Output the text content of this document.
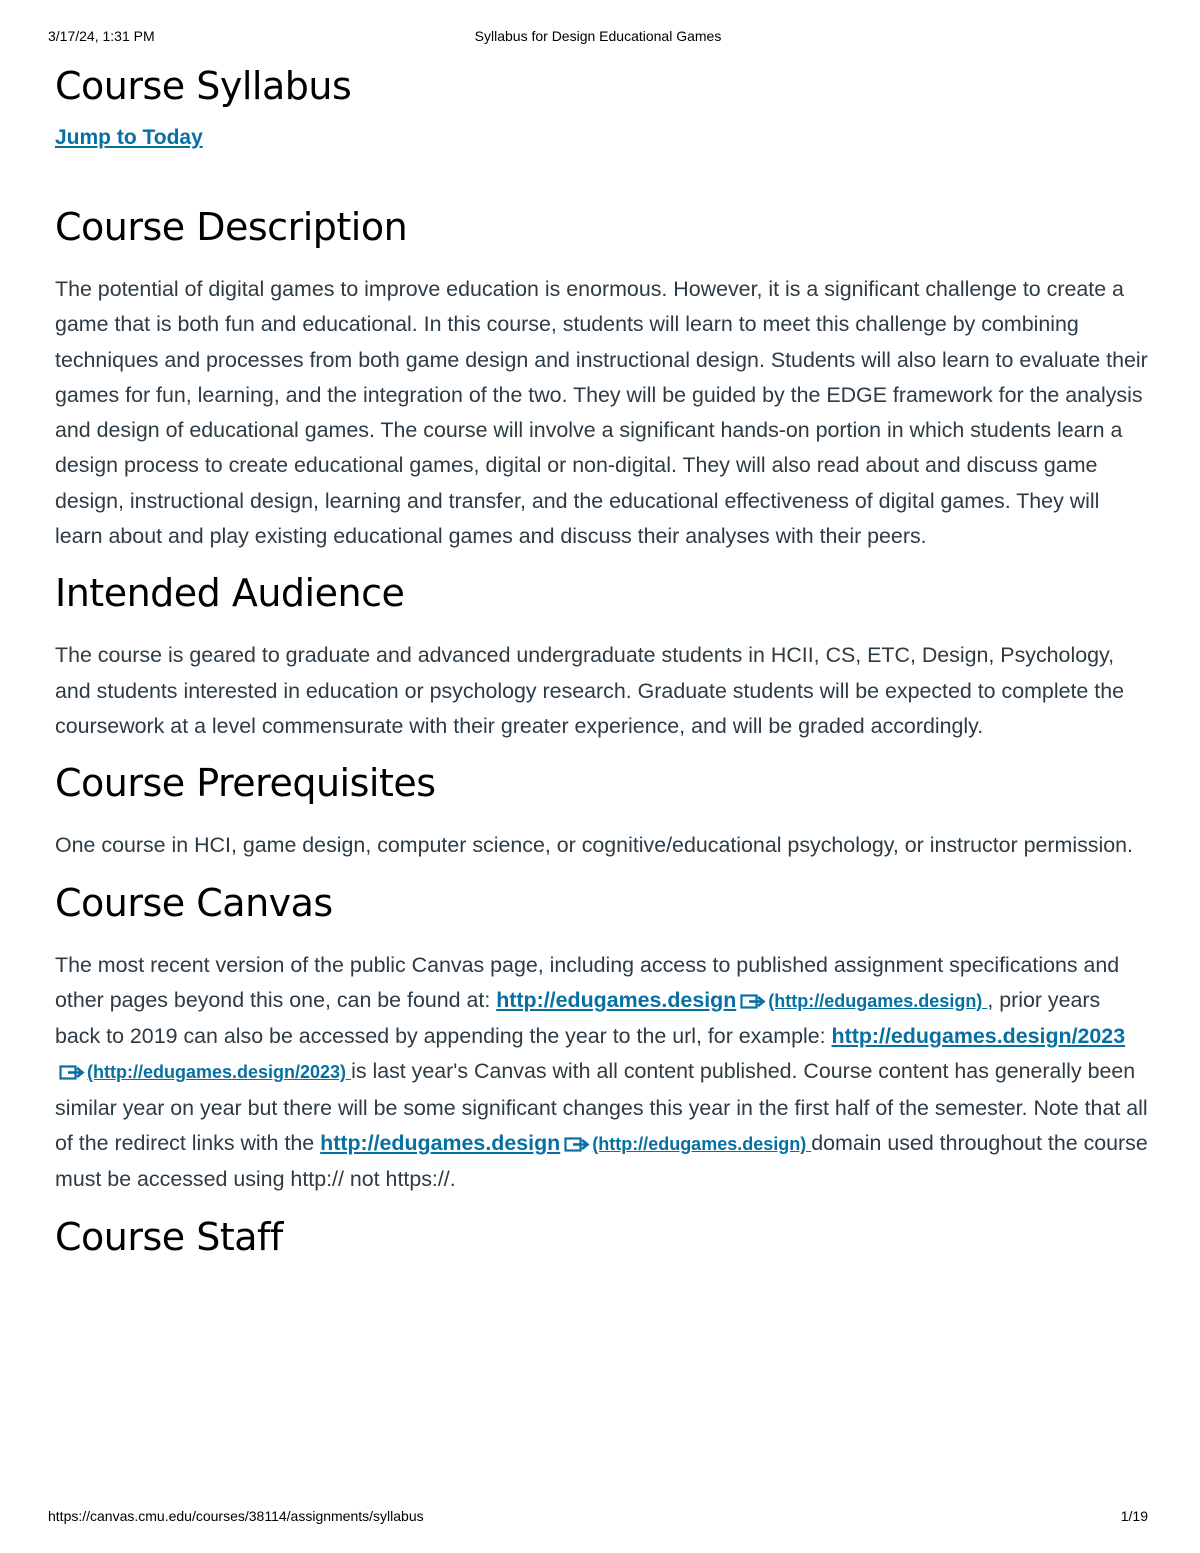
3/17/24, 1:31 PM	Syllabus for Design Educational Games
Course Syllabus
Jump to Today
Course Description

The potential of digital games to improve education is enormous. However, it is a significant challenge to create a game that is both fun and educational. In this course, students will learn to meet this challenge by combining techniques and processes from both game design and instructional design. Students will also learn to evaluate their games for fun, learning, and the integration of the two. They will be guided by the EDGE framework for the analysis and design of educational games. The course will involve a significant hands-on portion in which students learn a design process to create educational games, digital or non-digital. They will also read about and discuss game design, instructional design, learning and transfer, and the educational effectiveness of digital games. They will learn about and play existing educational games and discuss their analyses with their peers.

Intended Audience

The course is geared to graduate and advanced undergraduate students in HCII, CS, ETC, Design, Psychology, and students interested in education or psychology research. Graduate students will be expected to complete the coursework at a level commensurate with their greater experience, and will be graded accordingly.

Course Prerequisites

One course in HCI, game design, computer science, or cognitive/educational psychology, or instructor permission.

Course Canvas

The most recent version of the public Canvas page, including access to published assignment specifications and other pages beyond this one, can be found at: http://edugames.design (http://edugames.design) , prior years back to 2019 can also be accessed by appending the year to the url, for example: http://edugames.design/2023(http://edugames.design/2023) is last year's Canvas with all content published. Course content has generally been similar year on year but there will be some significant changes this year in the first half of the semester. Note that all of the redirect links with the http://edugames.design (http://edugames.design) domain used throughout the course must be accessed using http:// not https://.

Course Staff
https://canvas.cmu.edu/courses/38114/assignments/syllabus	1/19
